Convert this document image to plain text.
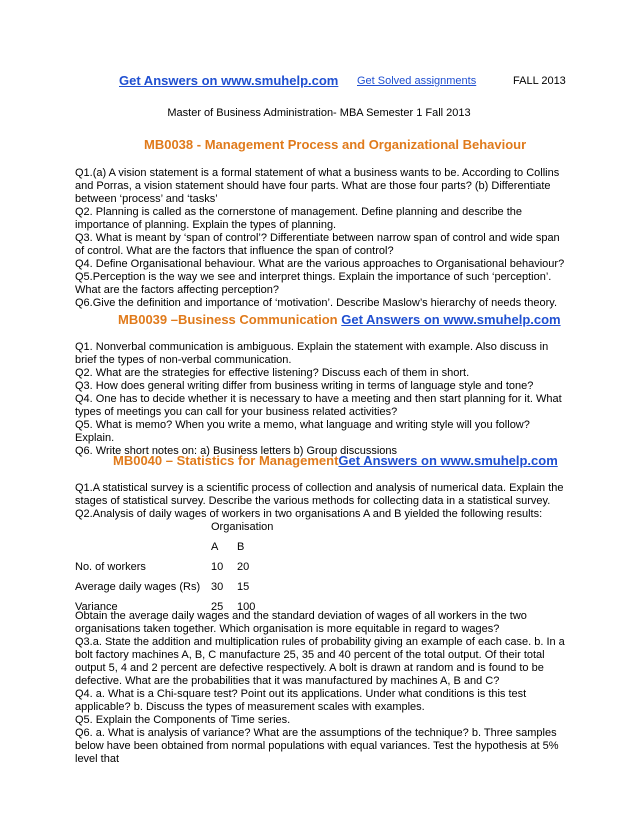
Get Answers on www.smuhelp.com Get Solved assignments	FALL 2013
Master of Business Administration- MBA Semester 1 Fall 2013
MB0038 - Management Process and Organizational Behaviour

Q1.(a) A vision statement is a formal statement of what a business wants to be. According to Collins and Porras, a vision statement should have four parts. What are those four parts? (b) Differentiate between ‘process’ and ‘tasks’

Q2. Planning is called as the cornerstone of management. Define planning and describe the importance of planning. Explain the types of planning.

Q3. What is meant by ‘span of control’? Differentiate between narrow span of control and wide span of control. What are the factors that influence the span of control?

Q4. Define Organisational behaviour. What are the various approaches to Organisational behaviour?

Q5.Perception is the way we see and interpret things. Explain the importance of such ‘perception’. What are the factors affecting perception?

Q6.Give the definition and importance of ‘motivation’. Describe Maslow’s hierarchy of needs theory.

MB0039 –Business Communication Get Answers on www.smuhelp.com

Q1. Nonverbal communication is ambiguous. Explain the statement with example. Also discuss in brief the types of non-verbal communication.

Q2. What are the strategies for effective listening? Discuss each of them in short.

Q3. How does general writing differ from business writing in terms of language style and tone?

Q4. One has to decide whether it is necessary to have a meeting and then start planning for it. What types of meetings you can call for your business related activities?

Q5. What is memo? When you write a memo, what language and writing style will you follow? Explain.

Q6. Write short notes on: a) Business letters b) Group discussions

MB0040 – Statistics for ManagementGet Answers on www.smuhelp.com

Q1.A statistical survey is a scientific process of collection and analysis of numerical data. Explain the stages of statistical survey. Describe the various methods for collecting data in a statistical survey.

Q2.Analysis of daily wages of workers in two organisations A and B yielded the following results:

	Organisation	
	A	B
No. of workers	10	20
Average daily wages (Rs)	30	15
Variance	25	100

Obtain the average daily wages and the standard deviation of wages of all workers in the two organisations taken together. Which organisation is more equitable in regard to wages?

Q3.a. State the addition and multiplication rules of probability giving an example of each case. b. In a bolt factory machines A, B, C manufacture 25, 35 and 40 percent of the total output. Of their total output 5, 4 and 2 percent are defective respectively. A bolt is drawn at random and is found to be defective. What are the probabilities that it was manufactured by machines A, B and C?

Q4. a. What is a Chi-square test? Point out its applications. Under what conditions is this test applicable? b. Discuss the types of measurement scales with examples.

Q5. Explain the Components of Time series.

Q6. a. What is analysis of variance? What are the assumptions of the technique? b. Three samples below have been obtained from normal populations with equal variances. Test the hypothesis at 5% level that
